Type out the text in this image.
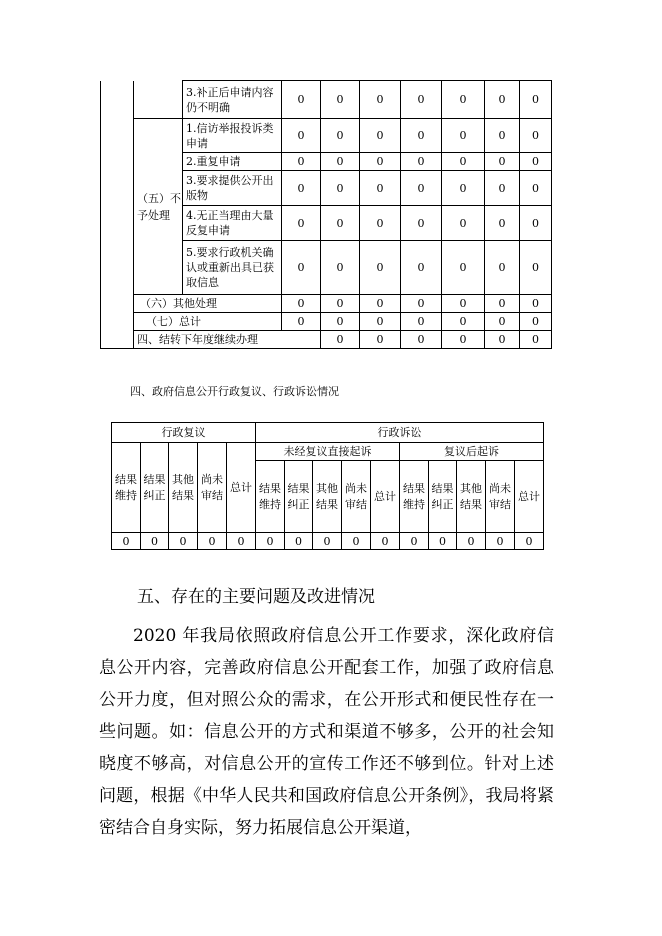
		3.补正后申请内容仍不明确	0	0	0	0	0	0	0	
	（五）不予处理	1.信访举报投诉类申请	0	0	0	0	0	0	0	
		2.重复申请	0	0	0	0	0	0	0	
		3.要求提供公开出版物	0	0	0	0	0	0	0	
		4.无正当理由大量反复申请	0	0	0	0	0	0	0	
		5.要求行政机关确认或重新出具已获取信息	0	0	0	0	0	0	0	
	（六）其他处理		0	0	0	0	0	0	0	
	（七）总计		0	0	0	0	0	0	0	
	四、结转下年度继续办理			0	0	0	0	0	0	
四、政府信息公开行政复议、行政诉讼情况
行政复议					行政诉讼									
结果维持	结果纠正	其他结果	尚未审结	总计	未经复议直接起诉					复议后起诉				
					结果维持	结果纠正	其他结果	尚未审结	总计	结果维持	结果纠正	其他结果	尚未审结	总计
0	0	0	0	0	0	0	0	0	0	0	0	0	0	0
五、存在的主要问题及改进情况

2020 年我局依照政府信息公开工作要求，深化政府信息公开内容，完善政府信息公开配套工作，加强了政府信息公开力度，但对照公众的需求，在公开形式和便民性存在一些问题。如：信息公开的方式和渠道不够多，公开的社会知晓度不够高，对信息公开的宣传工作还不够到位。针对上述问题，根据《中华人民共和国政府信息公开条例》，我局将紧密结合自身实际，努力拓展信息公开渠道，
